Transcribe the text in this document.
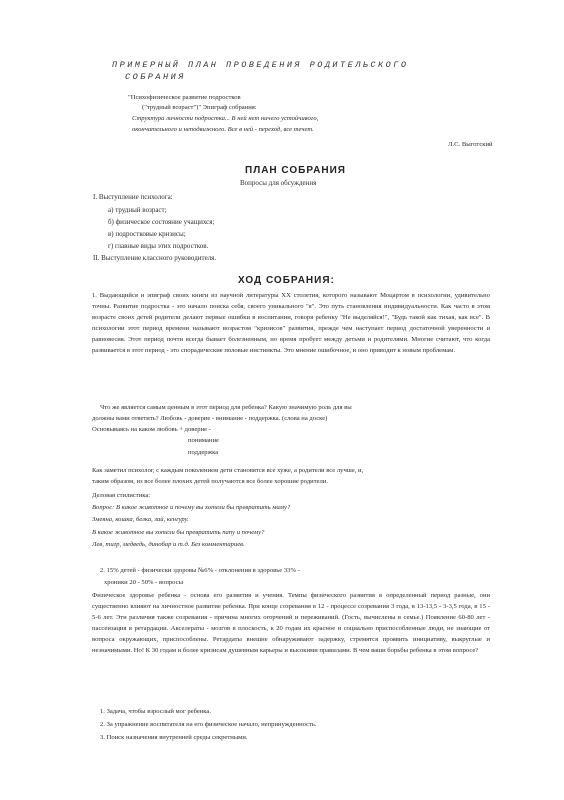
ПРИМЕРНЫЙ ПЛАН ПРОВЕДЕНИЯ РОДИТЕЛЬСКОГО
СОБРАНИЯ
"Психофизическое развитие подростков
("трудный возраст")" Эпиграф собрания:
Структура личности подростка... В ней нет ничего устойчивого,
окончательного и неподвижного. Все в ней - переход, все течет.
Л.С. Выготский
ПЛАН СОБРАНИЯ
Вопросы для обсуждения
I. Выступление психолога:
а) трудный возраст;
б) физическое состояние учащихся;
в) подростковые кризисы;
г) главные виды этих подростков.
II. Выступление классного руководителя.
ХОД СОБРАНИЯ:
1. Выдающийся и эпиграф своих книги из научной литературы XX столетия, которого называют Моцартом в психологии, удивительно точны. Развитие подростка - это начало поиска себя, своего уникального "я". Это путь становления индивидуальности. Как часто в этом возрасте своих детей родители делают первые ошибки в воспитании, говоря ребенку "Не выделяйся!", "Будь такой как тихая, как все". В психологии этот период времени называют возрастом "кризисов" развития, прежде чем наступает период достаточной уверенности и равновесия. Этот период почти всегда бывает болезненным, но время пробует между детьми и родителями. Многие считают, что когда развивается в этот период - это спорадические половые инстинкты. Это мнение ошибочное, и оно приводит к новым проблемам.
Что же является самым ценным в этот период для ребенка? Какую значимую роль для вы
должны вами ответить? Любовь - доверие - внимание - поддержка. (слова на доске)
Основываясь на каком любовь + доверие -
понимание
поддержка
Как заметил психолог, с каждым поколением дети становятся все хуже, а родители все лучше, и,
таким образом, из все более плохих детей получаются все более хорошие родители.
Деловая стилистика:
Вопрос: В какое животное и почему вы хотели бы превратить маму?
Змеяна, кошка, белка, зай, кенгуру.
В какое животное вы хотели бы превратить папу и почему?
Лев, тигр, медведь, динобар и т.д. Без комментариев.
2. 15% детей - физически здоровы №6% - отклонения в здоровье 33% -
хроники 20 - 50% - вопросы
Физическое здоровье ребенка - основа его развития и учения. Темпы физического развития в определенный период разные, они существенно влияют на личностное развитие ребенка. При конце созревания в 12 - процессе созревания 3 года, в 13-13,5 - 3-3,5 года, в 15 - 5-6 лет. Эти различия также созревания - причина многих огорчений и переживаний. (Гость, вычислены в семье.) Появление 60-80 лет - пассеизация в ретардации. Акселераты - мозгов в плоскость, к 20 годам их красное и социально приспособленные люди, не знающие от вопроса окружающих, приспособлены. Ретардаты внешне обнаруживают задержку, стремятся проявить инициативу, выкруглые и незначимыми. Но! К 30 годам и более кризисам душевным карьеры и высокими правилами. В чем ваши борьбы ребенка в этом вопросе?
1. Задача, чтобы взрослый мог ребенка.
2. За упражнение воспитателя на его физическое начало, непринужденность.
3. Поиск назначения внутренней среды секретными.
